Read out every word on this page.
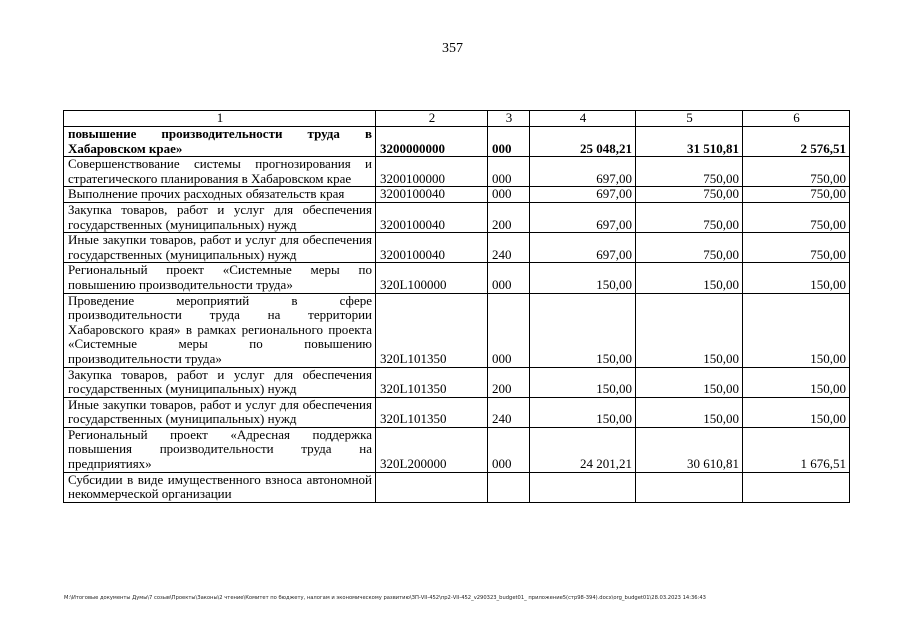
357
1	2	3	4	5	6
повышение производительности труда в Хабаровском крае»	3200000000	000	25 048,21	31 510,81	2 576,51
Совершенствование системы прогнозирования и стратегического планирования в Хабаровском крае	3200100000	000	697,00	750,00	750,00
Выполнение прочих расходных обязательств края	3200100040	000	697,00	750,00	750,00
Закупка товаров, работ и услуг для обеспечения государственных (муниципальных) нужд	3200100040	200	697,00	750,00	750,00
Иные закупки товаров, работ и услуг для обеспечения государственных (муниципальных) нужд	3200100040	240	697,00	750,00	750,00
Региональный проект «Системные меры по повышению производительности труда»	320L100000	000	150,00	150,00	150,00
Проведение мероприятий в сфере производительности труда на территории Хабаровского края» в рамках регионального проекта «Системные меры по повышению производительности труда»	320L101350	000	150,00	150,00	150,00
Закупка товаров, работ и услуг для обеспечения государственных (муниципальных) нужд	320L101350	200	150,00	150,00	150,00
Иные закупки товаров, работ и услуг для обеспечения государственных (муниципальных) нужд	320L101350	240	150,00	150,00	150,00
Региональный проект «Адресная поддержка повышения производительности труда на предприятиях»	320L200000	000	24 201,21	30 610,81	1 676,51
Субсидии в виде имущественного взноса автономной некоммерческой организации					
M:\Итоговые документы Думы\7 созыв\Проекты\Законы\2 чтение\Комитет по бюджету, налогам и экономическому развитию\ЗП-VII-452\пр2-VII-452_v290323_budget01_ приложение5(стр98-394).docx\org_budget01\28.03.2023 14:36:43
